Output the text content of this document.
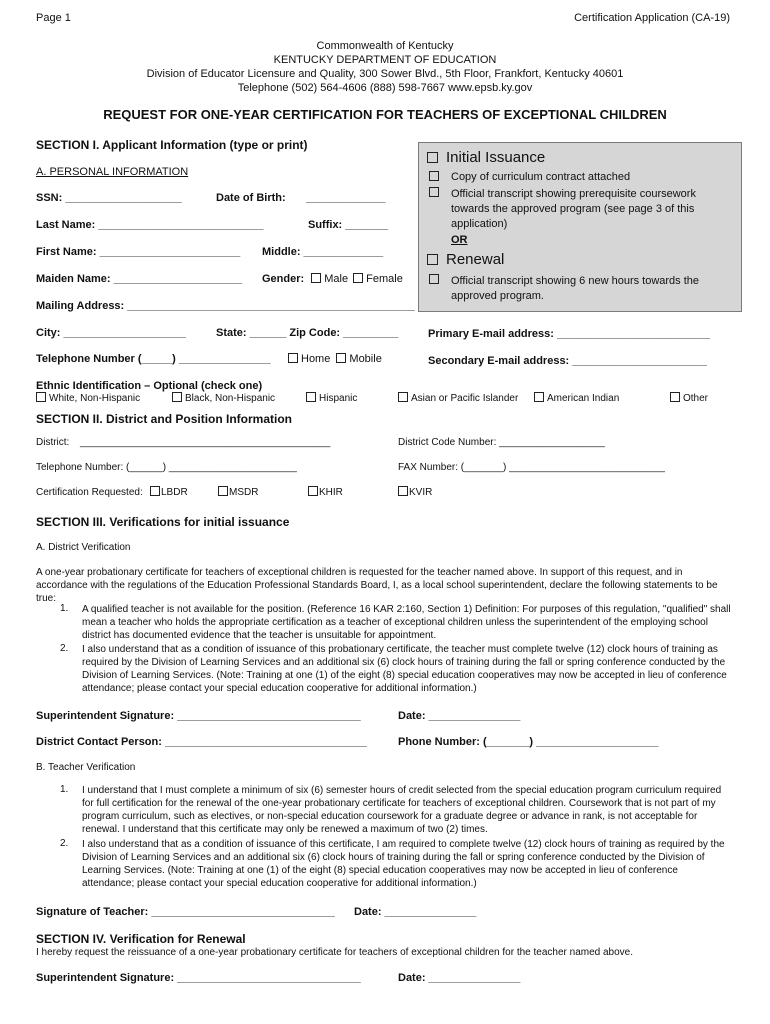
Page 1	Certification Application (CA-19)
Commonwealth of Kentucky
KENTUCKY DEPARTMENT OF EDUCATION
Division of Educator Licensure and Quality, 300 Sower Blvd., 5th Floor, Frankfort, Kentucky 40601
Telephone (502) 564-4606 (888) 598-7667 www.epsb.ky.gov
REQUEST FOR ONE-YEAR CERTIFICATION FOR TEACHERS OF EXCEPTIONAL CHILDREN
SECTION I. Applicant Information (type or print)
A. PERSONAL INFORMATION
SSN: ___________________	Date of Birth: _____________
Last Name: ___________________________	Suffix: _______
First Name: _______________________ Middle: _____________
Maiden Name: _____________________ Gender: Male Female
Mailing Address: _______________________________________________
City: ____________________	State: ______ Zip Code: _________	Primary E-mail address: _________________________
Telephone Number (_____) _______________	Home Mobile	Secondary E-mail address: ______________________
Ethnic Identification – Optional (check one)
White, Non-Hispanic	Black, Non-Hispanic	Hispanic	Asian or Pacific Islander	American Indian	Other
Initial Issuance
Copy of curriculum contract attached
Official transcript showing prerequisite coursework towards the approved program (see page 3 of this application)
OR
Renewal
Official transcript showing 6 new hours towards the approved program.
SECTION II. District and Position Information
District: _____________________________________________	District Code Number: ___________________
Telephone Number: (______) _______________________	FAX Number: (_______) ____________________________
Certification Requested:	LBDR	MSDR	KHIR	KVIR
SECTION III. Verifications for initial issuance
A. District Verification
A one-year probationary certificate for teachers of exceptional children is requested for the teacher named above. In support of this request, and in accordance with the regulations of the Education Professional Standards Board, I, as a local school superintendent, declare the following statements to be true:
1. A qualified teacher is not available for the position. (Reference 16 KAR 2:160, Section 1) Definition: For purposes of this regulation, "qualified" shall mean a teacher who holds the appropriate certification as a teacher of exceptional children unless the superintendent of the employing school district has documented evidence that the teacher is unsuitable for appointment.
2. I also understand that as a condition of issuance of this probationary certificate, the teacher must complete twelve (12) clock hours of training as required by the Division of Learning Services and an additional six (6) clock hours of training during the fall or spring conference conducted by the Division of Learning Services. (Note: Training at one (1) of the eight (8) special education cooperatives may now be accepted in lieu of conference attendance; please contact your special education cooperative for additional information.)
Superintendent Signature: ______________________________	Date: _______________
District Contact Person: _________________________________	Phone Number: (_______) ____________________
B. Teacher Verification
1. I understand that I must complete a minimum of six (6) semester hours of credit selected from the special education program curriculum required for full certification for the renewal of the one-year probationary certificate for teachers of exceptional children. Coursework that is not part of my program curriculum, such as electives, or non-special education coursework for a graduate degree or advance in rank, is not acceptable for renewal. I understand that this certificate may only be renewed a maximum of two (2) times.
2. I also understand that as a condition of issuance of this certificate, I am required to complete twelve (12) clock hours of training as required by the Division of Learning Services and an additional six (6) clock hours of training during the fall or spring conference conducted by the Division of Learning Services. (Note: Training at one (1) of the eight (8) special education cooperatives may now be accepted in lieu of conference attendance; please contact your special education cooperative for additional information.)
Signature of Teacher: ______________________________ Date: _______________
SECTION IV. Verification for Renewal
I hereby request the reissuance of a one-year probationary certificate for teachers of exceptional children for the teacher named above.
Superintendent Signature: ______________________________	Date: _______________
